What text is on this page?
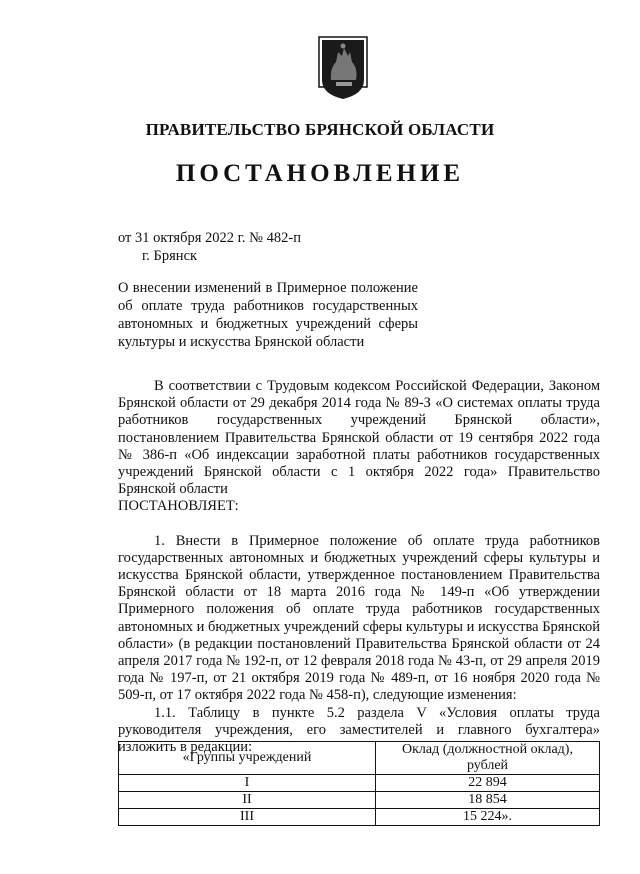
ПРАВИТЕЛЬСТВО БРЯНСКОЙ ОБЛАСТИ
ПОСТАНОВЛЕНИЕ
от 31 октября 2022 г. № 482-п
г. Брянск
О внесении изменений в Примерное положение об оплате труда работников государственных автономных и бюджетных учреждений сферы культуры и искусства Брянской области

В соответствии с Трудовым кодексом Российской Федерации, Законом Брянской области от 29 декабря 2014 года № 89-З «О системах оплаты труда работников государственных учреждений Брянской области», постановлением Правительства Брянской области от 19 сентября 2022 года № 386-п «Об индексации заработной платы работников государственных учреждений Брянской области с 1 октября 2022 года» Правительство Брянской области

ПОСТАНОВЛЯЕТ:

1. Внести в Примерное положение об оплате труда работников государственных автономных и бюджетных учреждений сферы культуры и искусства Брянской области, утвержденное постановлением Правительства Брянской области от 18 марта 2016 года № 149-п «Об утверждении Примерного положения об оплате труда работников государственных автономных и бюджетных учреждений сферы культуры и искусства Брянской области» (в редакции постановлений Правительства Брянской области от 24 апреля 2017 года № 192-п, от 12 февраля 2018 года № 43-п, от 29 апреля 2019 года № 197-п, от 21 октября 2019 года № 489-п, от 16 ноября 2020 года № 509-п, от 17 октября 2022 года № 458-п), следующие изменения:

1.1. Таблицу в пункте 5.2 раздела V «Условия оплаты труда руководителя учреждения, его заместителей и главного бухгалтера» изложить в редакции:

«Группы учреждений	Оклад (должностной оклад), рублей
I	22 894
II	18 854
III	15 224».
